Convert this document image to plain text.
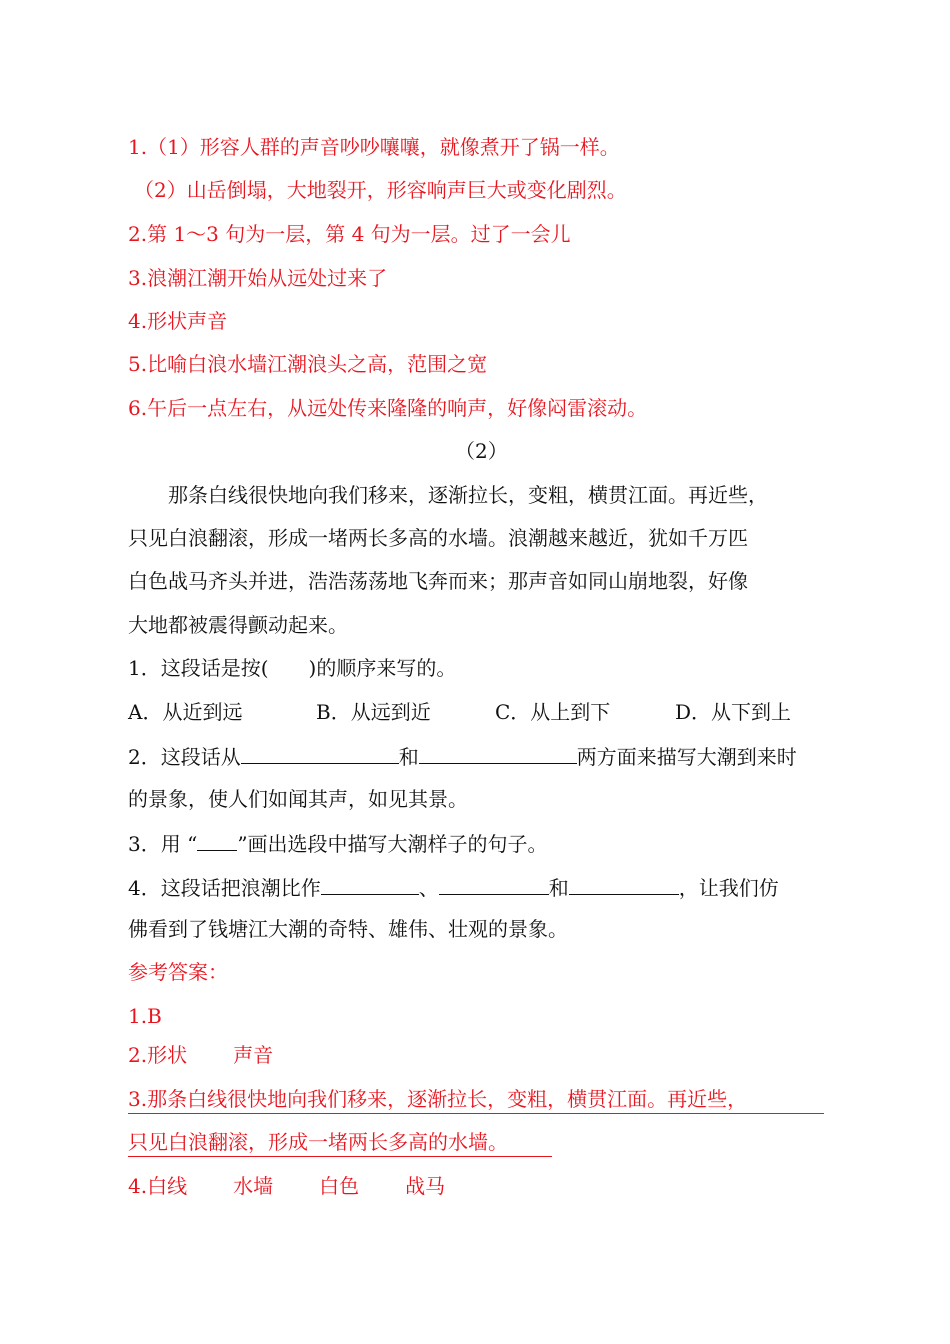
1.（1）形容人群的声音吵吵嚷嚷，就像煮开了锅一样。
（2）山岳倒塌，大地裂开，形容响声巨大或变化剧烈。
2.第 1～3 句为一层，第 4 句为一层。过了一会儿
3.浪潮江潮开始从远处过来了
4.形状声音
5.比喻白浪水墙江潮浪头之高，范围之宽
6.午后一点左右，从远处传来隆隆的响声，好像闷雷滚动。
（2）
那条白线很快地向我们移来，逐渐拉长，变粗，横贯江面。再近些，
只见白浪翻滚，形成一堵两长多高的水墙。浪潮越来越近，犹如千万匹
白色战马齐头并进，浩浩荡荡地飞奔而来；那声音如同山崩地裂，好像
大地都被震得颤动起来。
1．这段话是按(　　)的顺序来写的。
A．从近到远	B．从远到近	C．从上到下	D．从下到上
2．这段话从	和	两方面来描写大潮到来时
的景象，使人们如闻其声，如见其景。
3．用 “ ”画出选段中描写大潮样子的句子。
4．这段话把浪潮比作	、	和	，让我们仿
佛看到了钱塘江大潮的奇特、雄伟、壮观的景象。
参考答案：
1.B
2.形状 声音
3.那条白线很快地向我们移来，逐渐拉长，变粗，横贯江面。再近些，
只见白浪翻滚，形成一堵两长多高的水墙。
4.白线 水墙 白色 战马
